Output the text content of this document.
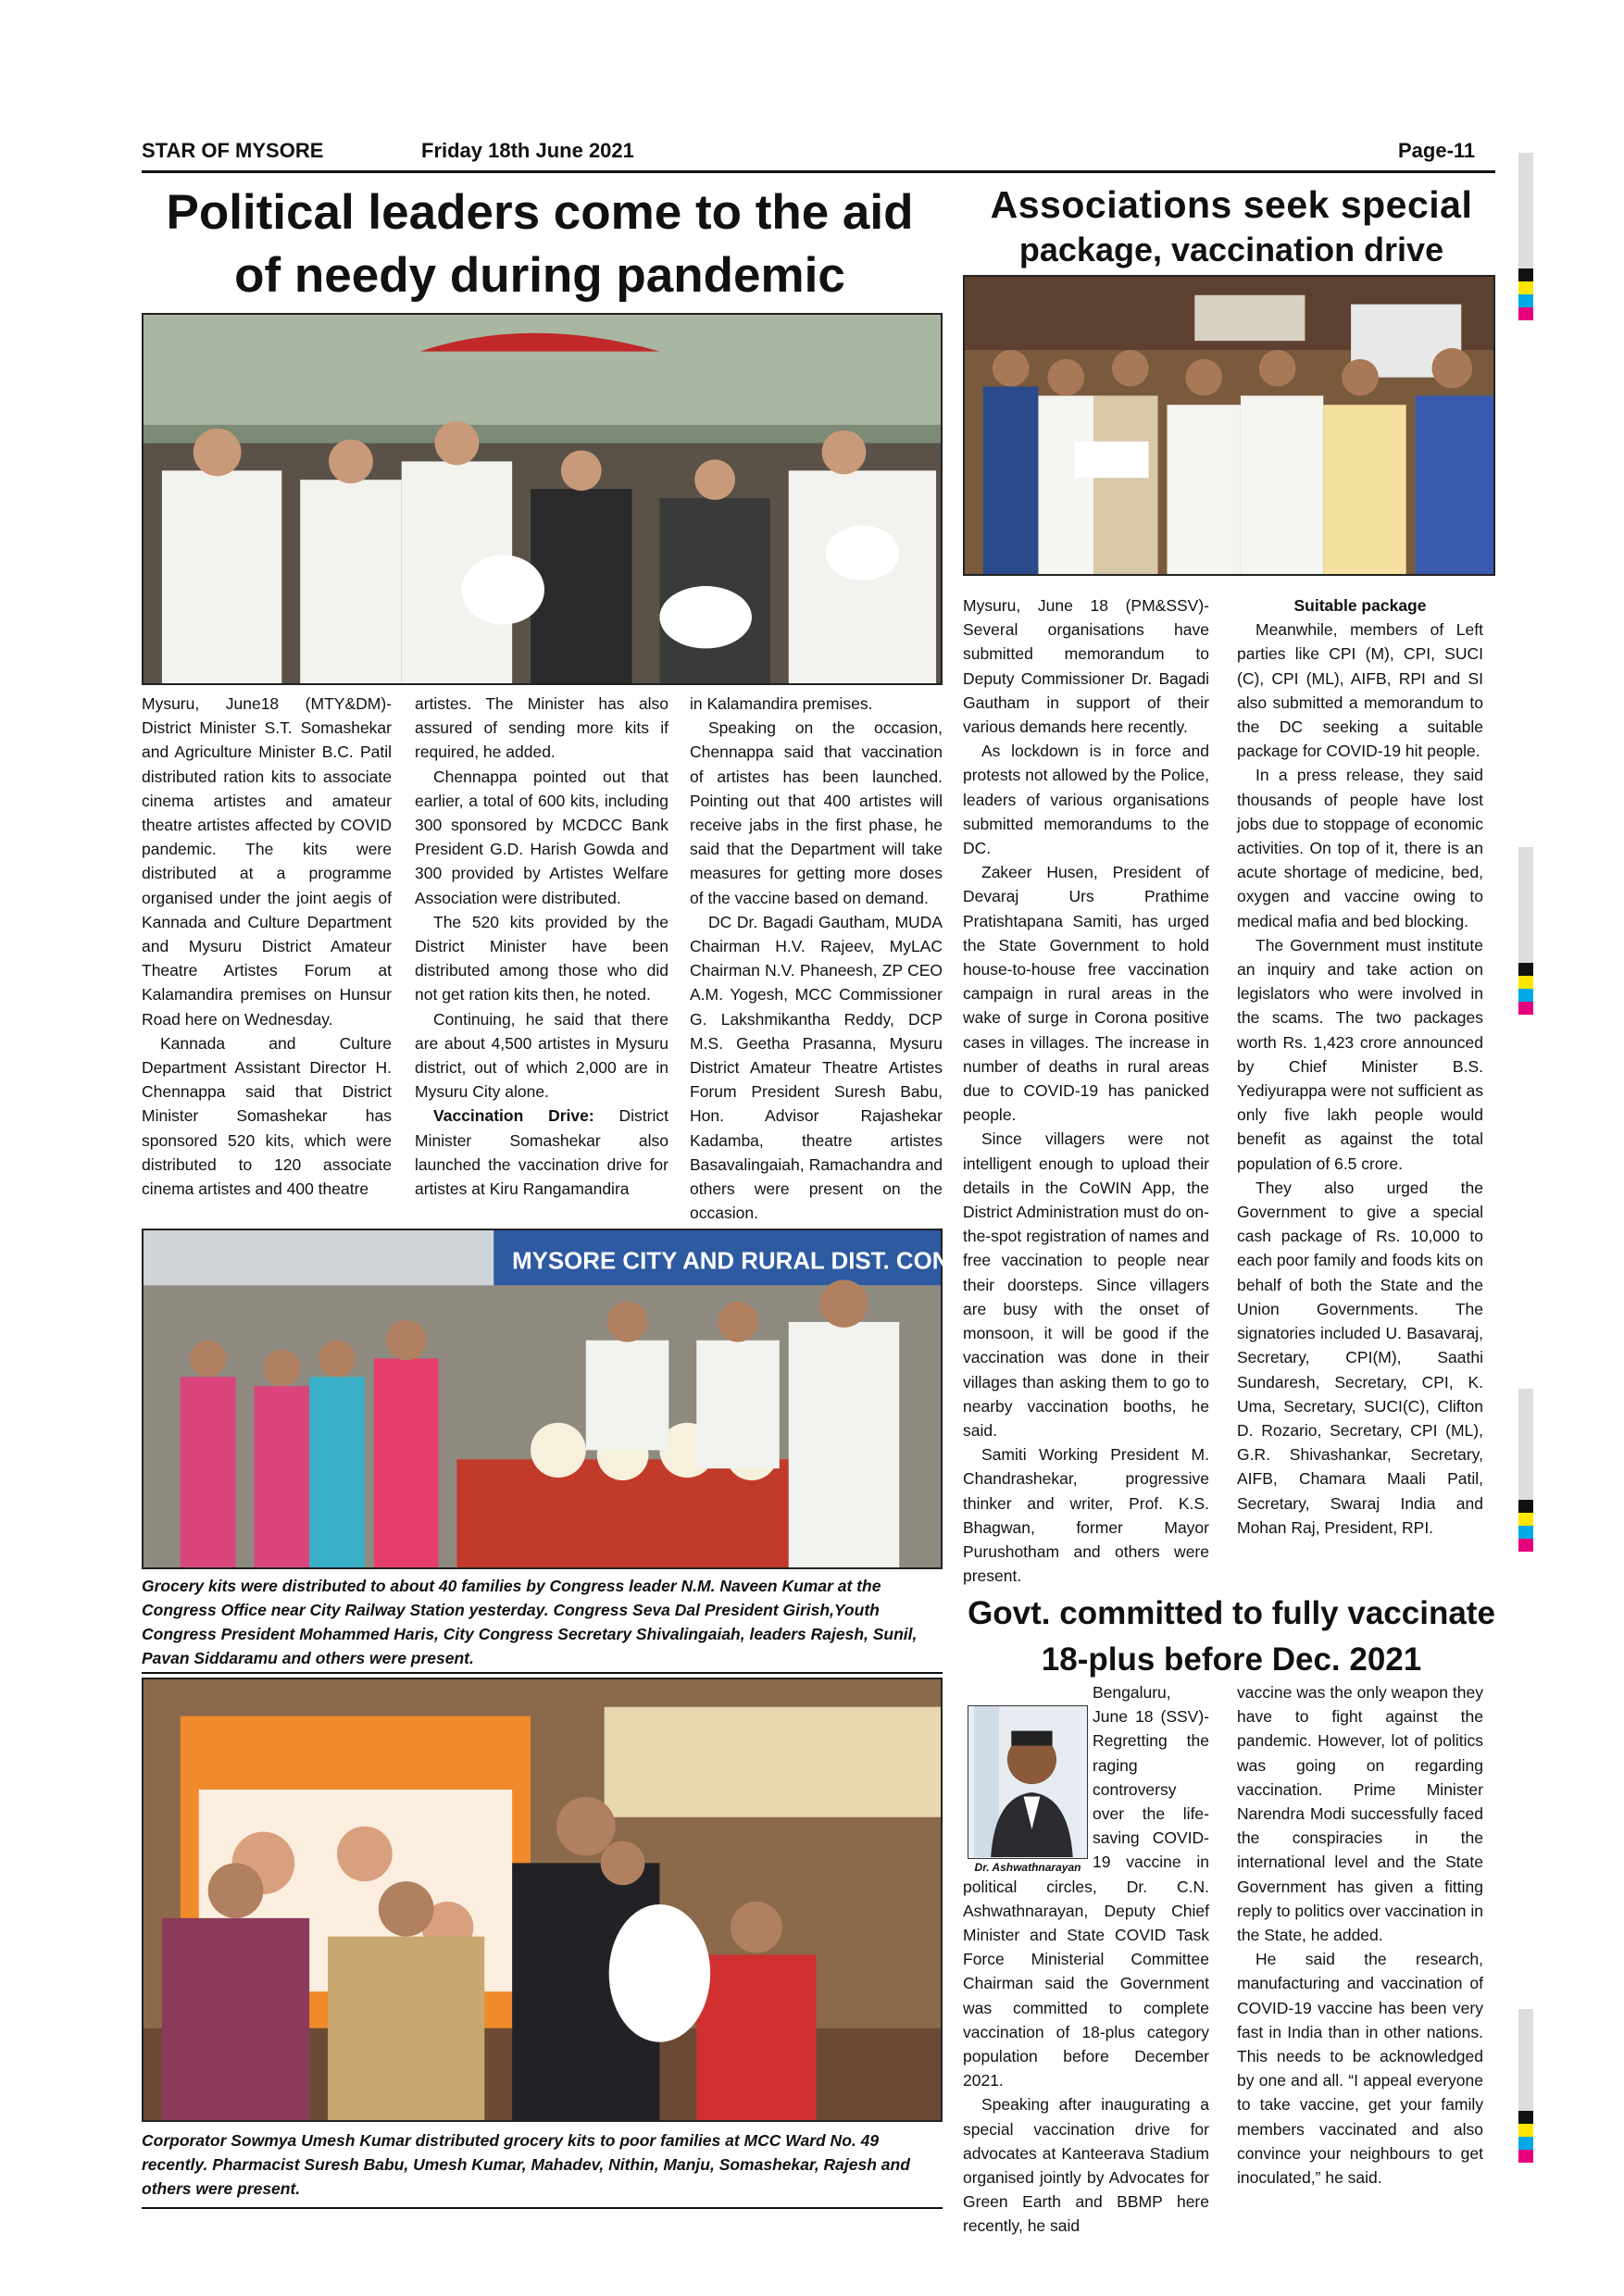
STAR OF MYSORE	Friday 18th June 2021	Page-11
Political leaders come to the aid
of needy during pandemic

Mysuru, June18 (MTY&DM)- District Minister S.T. Somashekar and Agriculture Minister B.C. Patil distributed ration kits to associate cinema artistes and amateur theatre artistes affected by COVID pandemic. The kits were distributed at a programme organised under the joint aegis of Kannada and Culture Department and Mysuru District Amateur Theatre Artistes Forum at Kalamandira premises on Hunsur Road here on Wednesday.

Kannada and Culture Department Assistant Director H. Chennappa said that District Minister Somashekar has sponsored 520 kits, which were distributed to 120 associate cinema artistes and 400 theatre

artistes. The Minister has also assured of sending more kits if required, he added.

Chennappa pointed out that earlier, a total of 600 kits, including 300 sponsored by MCDCC Bank President G.D. Harish Gowda and 300 provided by Artistes Welfare Association were distributed.

The 520 kits provided by the District Minister have been distributed among those who did not get ration kits then, he noted.

Continuing, he said that there are about 4,500 artistes in Mysuru district, out of which 2,000 are in Mysuru City alone.

Vaccination Drive: District Minister Somashekar also launched the vaccination drive for artistes at Kiru Rangamandira

in Kalamandira premises.

Speaking on the occasion, Chennappa said that vaccination of artistes has been launched. Pointing out that 400 artistes will receive jabs in the first phase, he said that the Department will take measures for getting more doses of the vaccine based on demand.

DC Dr. Bagadi Gautham, MUDA Chairman H.V. Rajeev, MyLAC Chairman N.V. Phaneesh, ZP CEO A.M. Yogesh, MCC Commissioner G. Lakshmikantha Reddy, DCP M.S. Geetha Prasanna, Mysuru District Amateur Theatre Artistes Forum President Suresh Babu, Hon. Advisor Rajashekar Kadamba, theatre artistes Basavalingaiah, Ramachandra and others were present on the occasion.

MYSORE CITY AND RURAL DIST. CONGRE
Grocery kits were distributed to about 40 families by Congress leader N.M. Naveen Kumar at the Congress Office near City Railway Station yesterday. Congress Seva Dal President Girish,Youth Congress President Mohammed Haris, City Congress Secretary Shivalingaiah, leaders Rajesh, Sunil, Pavan Siddaramu and others were present.
Corporator Sowmya Umesh Kumar distributed grocery kits to poor families at MCC Ward No. 49 recently. Pharmacist Suresh Babu, Umesh Kumar, Mahadev, Nithin, Manju, Somashekar, Rajesh and others were present.
Associations seek special
package, vaccination drive

Mysuru, June 18 (PM&SSV)- Several organisations have submitted memorandum to Deputy Commissioner Dr. Bagadi Gautham in support of their various demands here recently.

As lockdown is in force and protests not allowed by the Police, leaders of various organisations submitted memorandums to the DC.

Zakeer Husen, President of Devaraj Urs Prathime Pratishtapana Samiti, has urged the State Government to hold house-to-house free vaccination campaign in rural areas in the wake of surge in Corona positive cases in villages. The increase in number of deaths in rural areas due to COVID-19 has panicked people.

Since villagers were not intelligent enough to upload their details in the CoWIN App, the District Administration must do on-the-spot registration of names and free vaccination to people near their doorsteps. Since villagers are busy with the onset of monsoon, it will be good if the vaccination was done in their villages than asking them to go to nearby vaccination booths, he said.

Samiti Working President M. Chandrashekar, progressive thinker and writer, Prof. K.S. Bhagwan, former Mayor Purushotham and others were present.

Suitable package

Meanwhile, members of Left parties like CPI (M), CPI, SUCI (C), CPI (ML), AIFB, RPI and SI also submitted a memorandum to the DC seeking a suitable package for COVID-19 hit people.

In a press release, they said thousands of people have lost jobs due to stoppage of economic activities. On top of it, there is an acute shortage of medicine, bed, oxygen and vaccine owing to medical mafia and bed blocking.

The Government must institute an inquiry and take action on legislators who were involved in the scams. The two packages worth Rs. 1,423 crore announced by Chief Minister B.S. Yediyurappa were not sufficient as only five lakh people would benefit as against the total population of 6.5 crore.

They also urged the Government to give a special cash package of Rs. 10,000 to each poor family and foods kits on behalf of both the State and the Union Governments. The signatories included U. Basavaraj, Secretary, CPI(M), Saathi Sundaresh, Secretary, CPI, K. Uma, Secretary, SUCI(C), Clifton D. Rozario, Secretary, CPI (ML), G.R. Shivashankar, Secretary, AIFB, Chamara Maali Patil, Secretary, Swaraj India and Mohan Raj, President, RPI.

Govt. committed to fully vaccinate
18-plus before Dec. 2021
Dr. Ashwathnarayan

Bengaluru, June 18 (SSV)- Regretting the raging controversy over the life-saving COVID-19 vaccine in political circles, Dr. C.N. Ashwathnarayan, Deputy Chief Minister and State COVID Task Force Ministerial Committee Chairman said the Government was committed to complete vaccination of 18-plus category population before December 2021.

Speaking after inaugurating a special vaccination drive for advocates at Kanteerava Stadium organised jointly by Advocates for Green Earth and BBMP here recently, he said

vaccine was the only weapon they have to fight against the pandemic. However, lot of politics was going on regarding vaccination. Prime Minister Narendra Modi successfully faced the conspiracies in the international level and the State Government has given a fitting reply to politics over vaccination in the State, he added.

He said the research, manufacturing and vaccination of COVID-19 vaccine has been very fast in India than in other nations. This needs to be acknowledged by one and all. “I appeal everyone to take vaccine, get your family members vaccinated and also convince your neighbours to get inoculated,” he said.
